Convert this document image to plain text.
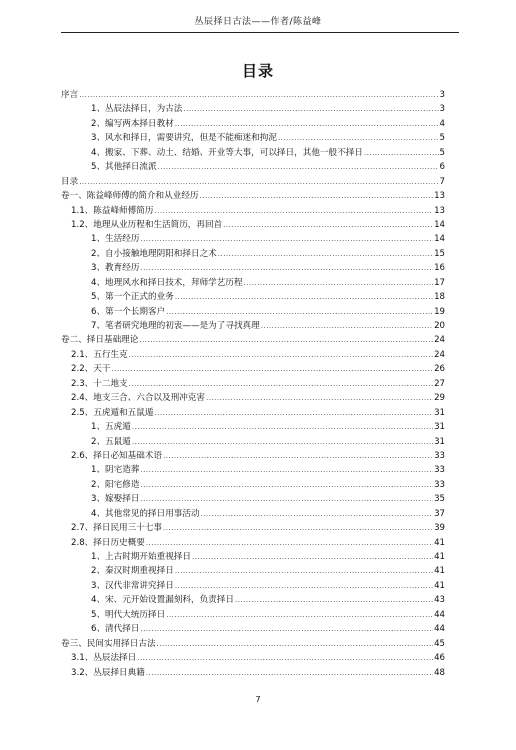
丛辰择日古法——作者/陈益峰
目录
序言 .....	3
1、丛辰法择日，为古法 .....	3
2、编写两本择日教材 .....	4
3、风水和择日，需要讲究，但是不能痴迷和拘泥 .....	5
4、搬家、下葬、动土、结婚、开业等大事，可以择日，其他一般不择日 .....	5
5、其他择日流派 .....	6
目录 .....	7
卷一、陈益峰师傅的简介和从业经历 .....	13
1.1、陈益峰师傅简历 .....	13
1.2、地理从业历程和生活简历，再回首 .....	14
1、生活经历 .....	14
2、自小接触地理阴阳和择日之术 .....	15
3、教育经历 .....	16
4、地理风水和择日技术，拜师学艺历程 .....	17
5、第一个正式的业务 .....	18
6、第一个长期客户 .....	19
7、笔者研究地理的初衷——是为了寻找真理 .....	20
卷二、择日基础理论 .....	24
2.1、五行生克 .....	24
2.2、天干 .....	26
2.3、十二地支 .....	27
2.4、地支三合、六合以及刑冲克害 .....	29
2.5、五虎遁和五鼠遁 .....	31
1、五虎遁 .....	31
2、五鼠遁 .....	31
2.6、择日必知基础术语 .....	33
1、阴宅造葬 .....	33
2、阳宅修造 .....	33
3、嫁娶择日 .....	35
4、其他常见的择日用事活动 .....	37
2.7、择日民用三十七事 .....	39
2.8、择日历史概要 .....	41
1、上古时期开始重视择日 .....	41
2、秦汉时期重视择日 .....	41
3、汉代非常讲究择日 .....	41
4、宋、元开始设置漏刻科，负责择日 .....	43
5、明代大统历择日 .....	44
6、清代择日 .....	44
卷三、民间实用择日古法 .....	45
3.1、丛辰法择日 .....	46
3.2、丛辰择日典籍 .....	48
7
